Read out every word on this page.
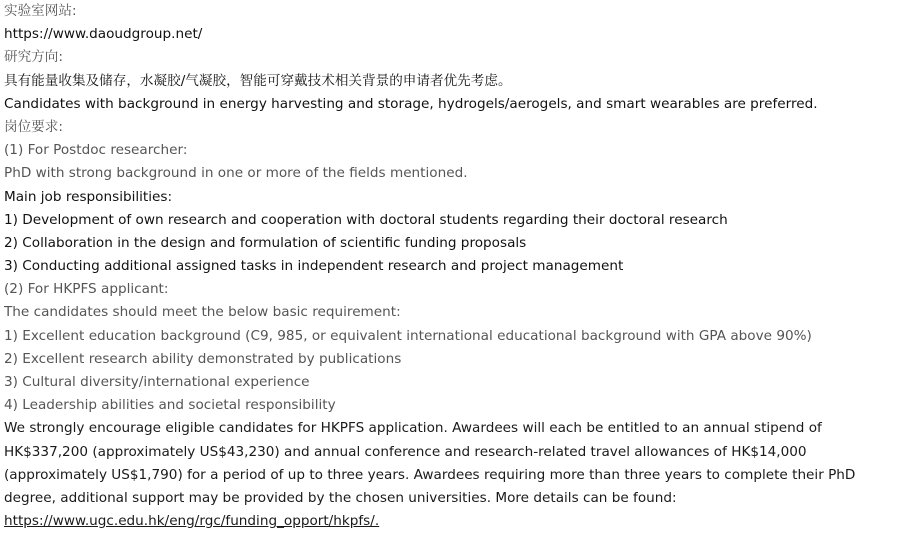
实验室网站:
https://www.daoudgroup.net/
研究方向:
具有能量收集及储存，水凝胶/气凝胶，智能可穿戴技术相关背景的申请者优先考虑。
Candidates with background in energy harvesting and storage, hydrogels/aerogels, and smart wearables are preferred.
岗位要求:
(1) For Postdoc researcher:
PhD with strong background in one or more of the fields mentioned.
Main job responsibilities:
1) Development of own research and cooperation with doctoral students regarding their doctoral research
2) Collaboration in the design and formulation of scientific funding proposals
3) Conducting additional assigned tasks in independent research and project management
(2) For HKPFS applicant:
The candidates should meet the below basic requirement:
1) Excellent education background (C9, 985, or equivalent international educational background with GPA above 90%)
2) Excellent research ability demonstrated by publications
3) Cultural diversity/international experience
4) Leadership abilities and societal responsibility

We strongly encourage eligible candidates for HKPFS application. Awardees will each be entitled to an annual stipend of HK$337,200 (approximately US$43,230) and annual conference and research-related travel allowances of HK$14,000 (approximately US$1,790) for a period of up to three years. Awardees requiring more than three years to complete their PhD degree, additional support may be provided by the chosen universities. More details can be found: https://www.ugc.edu.hk/eng/rgc/funding_opport/hkpfs/.
